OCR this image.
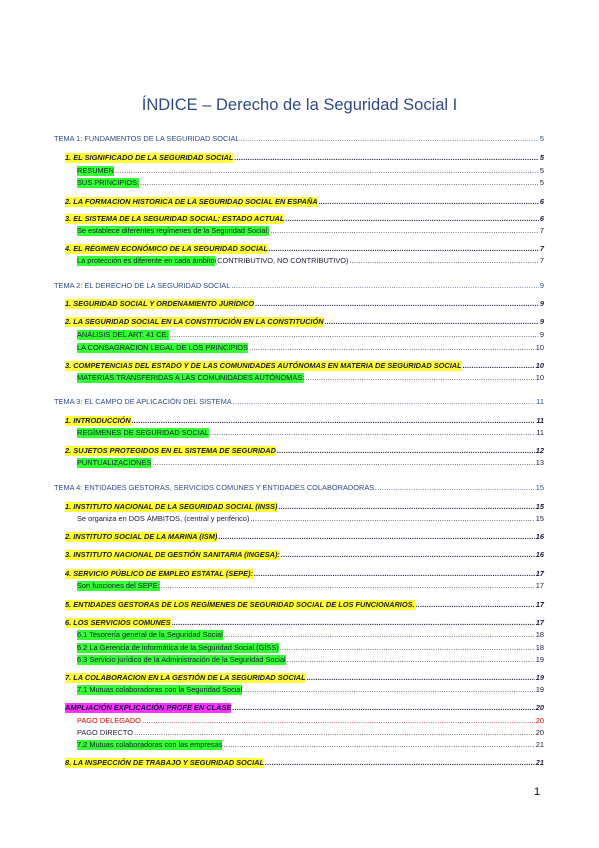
ÍNDICE – Derecho de la Seguridad Social I
TEMA 1: FUNDAMENTOS DE LA SEGURIDAD SOCIAL .....	5
1. EL SIGNIFICADO DE LA SEGURIDAD SOCIAL .....	5
RESUMEN .....	5
SUS PRINCIPIOS: .....	5
2. LA FORMACION HISTORICA DE LA SEGURIDAD SOCIAL EN ESPAÑA .....	6
3. EL SISTEMA DE LA SEGURIDAD SOCIAL: ESTADO ACTUAL .....	6
Se establece diferentes regímenes de la Seguridad Social; .....	7
4. EL RÉGIMEN ECONÓMICO DE LA SEGURIDAD SOCIAL .....	7
La protección es diferente en cada ámbito (CONTRIBUTIVO, NO CONTRIBUTIVO) .....	7
TEMA 2: EL DERECHO DE LA SEGURIDAD SOCIAL .....	9
1. SEGURIDAD SOCIAL Y ORDENAMIENTO JURÍDICO .....	9
2. LA SEGURIDAD SOCIAL EN LA CONSTITUCIÓN EN LA CONSTITUCIÓN .....	9
ANÁLISIS DEL ART. 41 CE: .....	9
LA CONSAGRACION LEGAL DE LOS PRINCIPIOS .....	10
3. COMPETENCIAS DEL ESTADO Y DE LAS COMUNIDADES AUTÓNOMAS EN MATERIA DE SEGURIDAD SOCIAL .....	10
MATERIAS TRANSFERIDAS A LAS COMUNIDADES AUTÓNOMAS: .....	10
TEMA 3: EL CAMPO DE APLICACIÓN DEL SISTEMA .....	11
1. INTRODUCCIÓN .....	11
REGÍMENES DE SEGURIDAD SOCIAL .....	11
2. SUJETOS PROTEGIDOS EN EL SISTEMA DE SEGURIDAD .....	12
PUNTUALIZACIONES .....	13
TEMA 4: ENTIDADES GESTORAS, SERVICIOS COMUNES Y ENTIDADES COLABORADORAS. .....	15
1. INSTITUTO NACIONAL DE LA SEGURIDAD SOCIAL (INSS) .....	15
Se organiza en DOS ÁMBITOS, (central y periférico) .....	15
2. INSTITUTO SOCIAL DE LA MARINA (ISM) .....	16
3. INSTITUTO NACIONAL DE GESTIÓN SANITARIA (INGESA): .....	16
4. SERVICIO PÚBLICO DE EMPLEO ESTATAL (SEPE): .....	17
Son funciones del SEPE: .....	17
5. ENTIDADES GESTORAS DE LOS REGÍMENES DE SEGURIDAD SOCIAL DE LOS FUNCIONARIOS. .....	17
6. LOS SERVICIOS COMUNES .....	17
6.1 Tesorería general de la Seguridad Social .....	18
6.2 La Gerencia de informática de la Seguridad Social (GISS) .....	18
6.3 Servicio jurídico de la Administración de la Seguridad Social .....	19
7. LA COLABORACION EN LA GESTIÓN DE LA SEGURIDAD SOCIAL .....	19
7.1 Mutuas colaboradoras con la Seguridad Social .....	19
AMPLIACIÓN EXPLICACIÓN PROFE EN CLASE .....	20
PAGO DELEGADO .....	20
PAGO DIRECTO .....	20
7.2 Mutuas colaboradoras con las empresas .....	21
8. LA INSPECCIÓN DE TRABAJO Y SEGURIDAD SOCIAL .....	21
1
